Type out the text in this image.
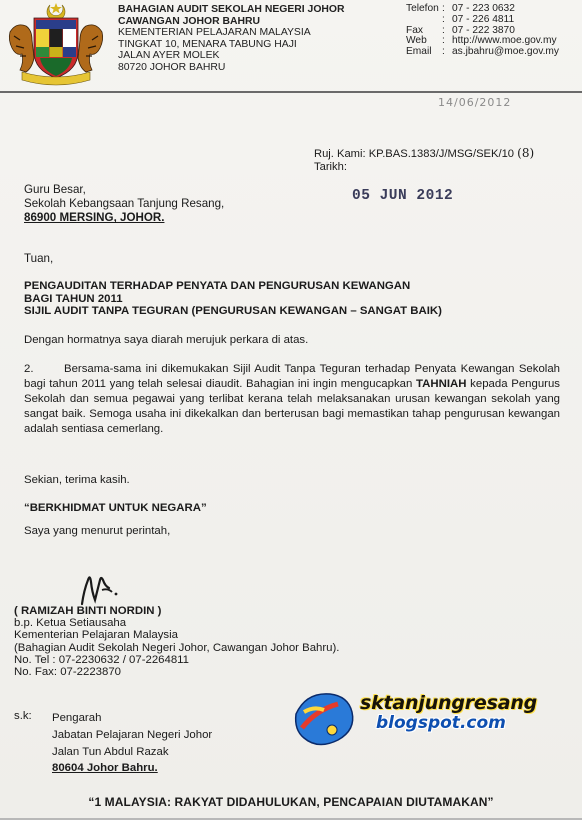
BAHAGIAN AUDIT SEKOLAH NEGERI JOHOR
CAWANGAN JOHOR BAHRU
KEMENTERIAN PELAJARAN MALAYSIA
TINGKAT 10, MENARA TABUNG HAJI
JALAN AYER MOLEK
80720 JOHOR BAHRU
Telefon : 07 - 223 0632
: 07 - 226 4811
Fax	: 07 - 222 3870
Web	: http://www.moe.gov.my
Email	: as.jbahru@moe.gov.my
14/06/2012
Ruj. Kami: KP.BAS.1383/J/MSG/SEK/10 (8)
Tarikh:
05 JUN 2012
Guru Besar,
Sekolah Kebangsaan Tanjung Resang,
86900 MERSING, JOHOR.
Tuan,
PENGAUDITAN TERHADAP PENYATA DAN PENGURUSAN KEWANGAN
BAGI TAHUN 2011
SIJIL AUDIT TANPA TEGURAN (PENGURUSAN KEWANGAN – SANGAT BAIK)
Dengan hormatnya saya diarah merujuk perkara di atas.
2.	Bersama-sama ini dikemukakan Sijil Audit Tanpa Teguran terhadap Penyata Kewangan Sekolah bagi tahun 2011 yang telah selesai diaudit. Bahagian ini ingin mengucapkan TAHNIAH kepada Pengurus Sekolah dan semua pegawai yang terlibat kerana telah melaksanakan urusan kewangan sekolah yang sangat baik. Semoga usaha ini dikekalkan dan berterusan bagi memastikan tahap pengurusan kewangan adalah sentiasa cemerlang.
Sekian, terima kasih.
“BERKHIDMAT UNTUK NEGARA”
Saya yang menurut perintah,
( RAMIZAH BINTI NORDIN )
b.p. Ketua Setiausaha
Kementerian Pelajaran Malaysia
(Bahagian Audit Sekolah Negeri Johor, Cawangan Johor Bahru).
No. Tel : 07-2230632 / 07-2264811
No. Fax: 07-2223870
s.k: Pengarah
Jabatan Pelajaran Negeri Johor
Jalan Tun Abdul Razak
80604 Johor Bahru.
sktanjungresang
blogspot.com
“1 MALAYSIA: RAKYAT DIDAHULUKAN, PENCAPAIAN DIUTAMAKAN”
